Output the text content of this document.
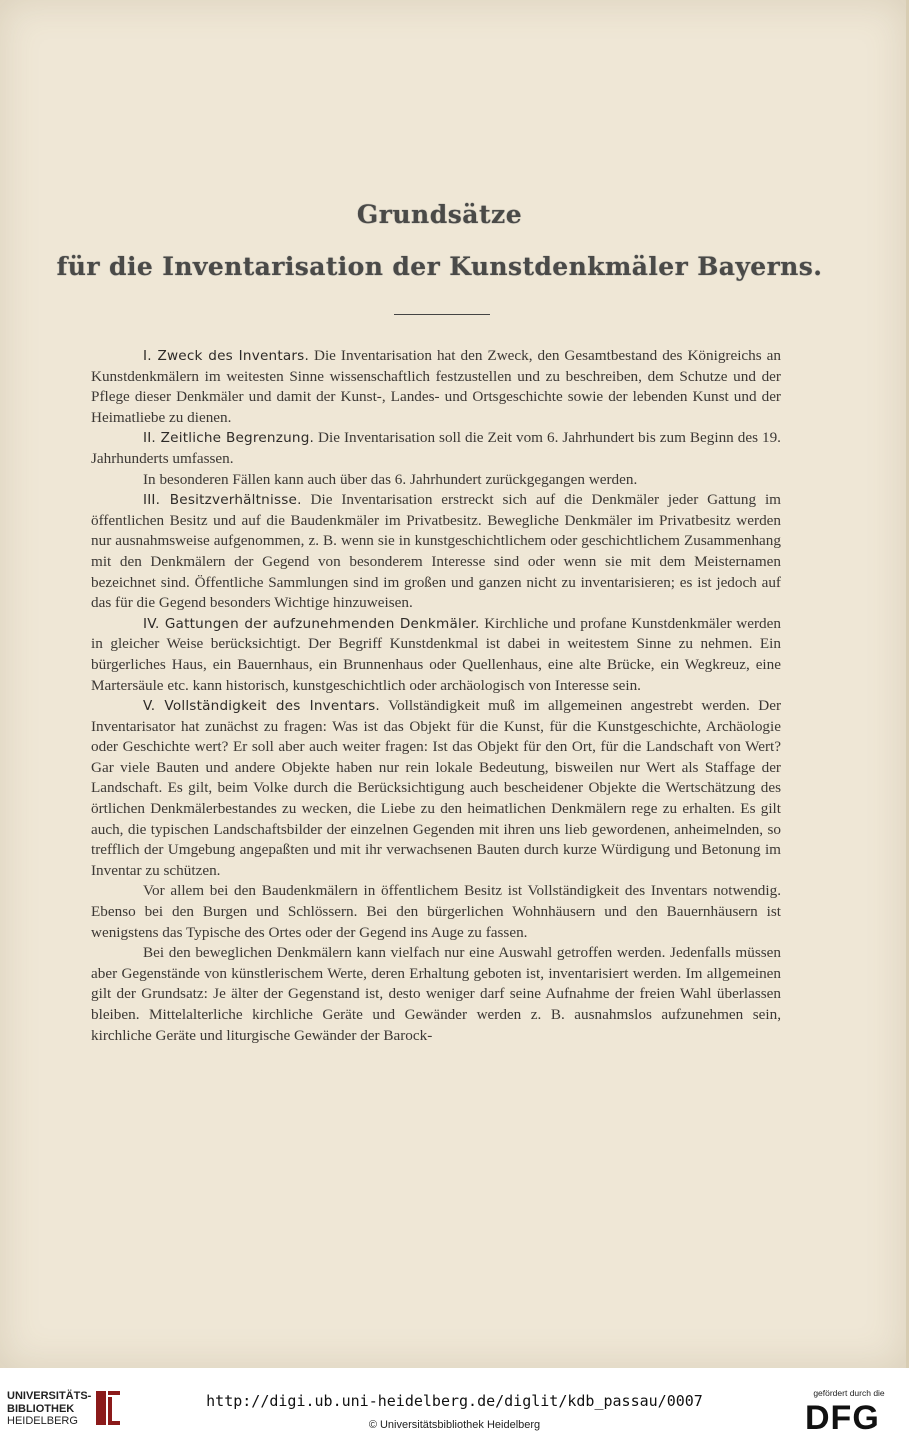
Grundsätze
für die Inventarisation der Kunstdenkmäler Bayerns.

I. Zweck des Inventars. Die Inventarisation hat den Zweck, den Gesamtbestand des Königreichs an Kunstdenkmälern im weitesten Sinne wissenschaftlich festzustellen und zu beschreiben, dem Schutze und der Pflege dieser Denkmäler und damit der Kunst-, Landes- und Ortsgeschichte sowie der lebenden Kunst und der Heimatliebe zu dienen.

II. Zeitliche Begrenzung. Die Inventarisation soll die Zeit vom 6. Jahrhundert bis zum Beginn des 19. Jahrhunderts umfassen.

In besonderen Fällen kann auch über das 6. Jahrhundert zurückgegangen werden.

III. Besitzverhältnisse. Die Inventarisation erstreckt sich auf die Denkmäler jeder Gattung im öffentlichen Besitz und auf die Baudenkmäler im Privatbesitz. Bewegliche Denkmäler im Privatbesitz werden nur ausnahmsweise aufgenommen, z. B. wenn sie in kunstgeschichtlichem oder geschichtlichem Zusammenhang mit den Denkmälern der Gegend von besonderem Interesse sind oder wenn sie mit dem Meisternamen bezeichnet sind. Öffentliche Sammlungen sind im großen und ganzen nicht zu inventarisieren; es ist jedoch auf das für die Gegend besonders Wichtige hinzuweisen.

IV. Gattungen der aufzunehmenden Denkmäler. Kirchliche und profane Kunstdenkmäler werden in gleicher Weise berücksichtigt. Der Begriff Kunstdenkmal ist dabei in weitestem Sinne zu nehmen. Ein bürgerliches Haus, ein Bauernhaus, ein Brunnenhaus oder Quellenhaus, eine alte Brücke, ein Wegkreuz, eine Martersäule etc. kann historisch, kunstgeschichtlich oder archäologisch von Interesse sein.

V. Vollständigkeit des Inventars. Vollständigkeit muß im allgemeinen angestrebt werden. Der Inventarisator hat zunächst zu fragen: Was ist das Objekt für die Kunst, für die Kunstgeschichte, Archäologie oder Geschichte wert? Er soll aber auch weiter fragen: Ist das Objekt für den Ort, für die Landschaft von Wert? Gar viele Bauten und andere Objekte haben nur rein lokale Bedeutung, bisweilen nur Wert als Staffage der Landschaft. Es gilt, beim Volke durch die Berücksichtigung auch bescheidener Objekte die Wertschätzung des örtlichen Denkmälerbestandes zu wecken, die Liebe zu den heimatlichen Denkmälern rege zu erhalten. Es gilt auch, die typischen Landschaftsbilder der einzelnen Gegenden mit ihren uns lieb gewordenen, anheimelnden, so trefflich der Umgebung angepaßten und mit ihr verwachsenen Bauten durch kurze Würdigung und Betonung im Inventar zu schützen.

Vor allem bei den Baudenkmälern in öffentlichem Besitz ist Vollständigkeit des Inventars notwendig. Ebenso bei den Burgen und Schlössern. Bei den bürgerlichen Wohnhäusern und den Bauernhäusern ist wenigstens das Typische des Ortes oder der Gegend ins Auge zu fassen.

Bei den beweglichen Denkmälern kann vielfach nur eine Auswahl getroffen werden. Jedenfalls müssen aber Gegenstände von künstlerischem Werte, deren Erhaltung geboten ist, inventarisiert werden. Im allgemeinen gilt der Grundsatz: Je älter der Gegenstand ist, desto weniger darf seine Aufnahme der freien Wahl überlassen bleiben. Mittelalterliche kirchliche Geräte und Gewänder werden z. B. ausnahmslos aufzunehmen sein, kirchliche Geräte und liturgische Gewänder der Barock-

UNIVERSITÄTS-
BIBLIOTHEK
HEIDELBERG
http://digi.ub.uni-heidelberg.de/diglit/kdb_passau/0007
© Universitätsbibliothek Heidelberg
gefördert durch die
DFG
